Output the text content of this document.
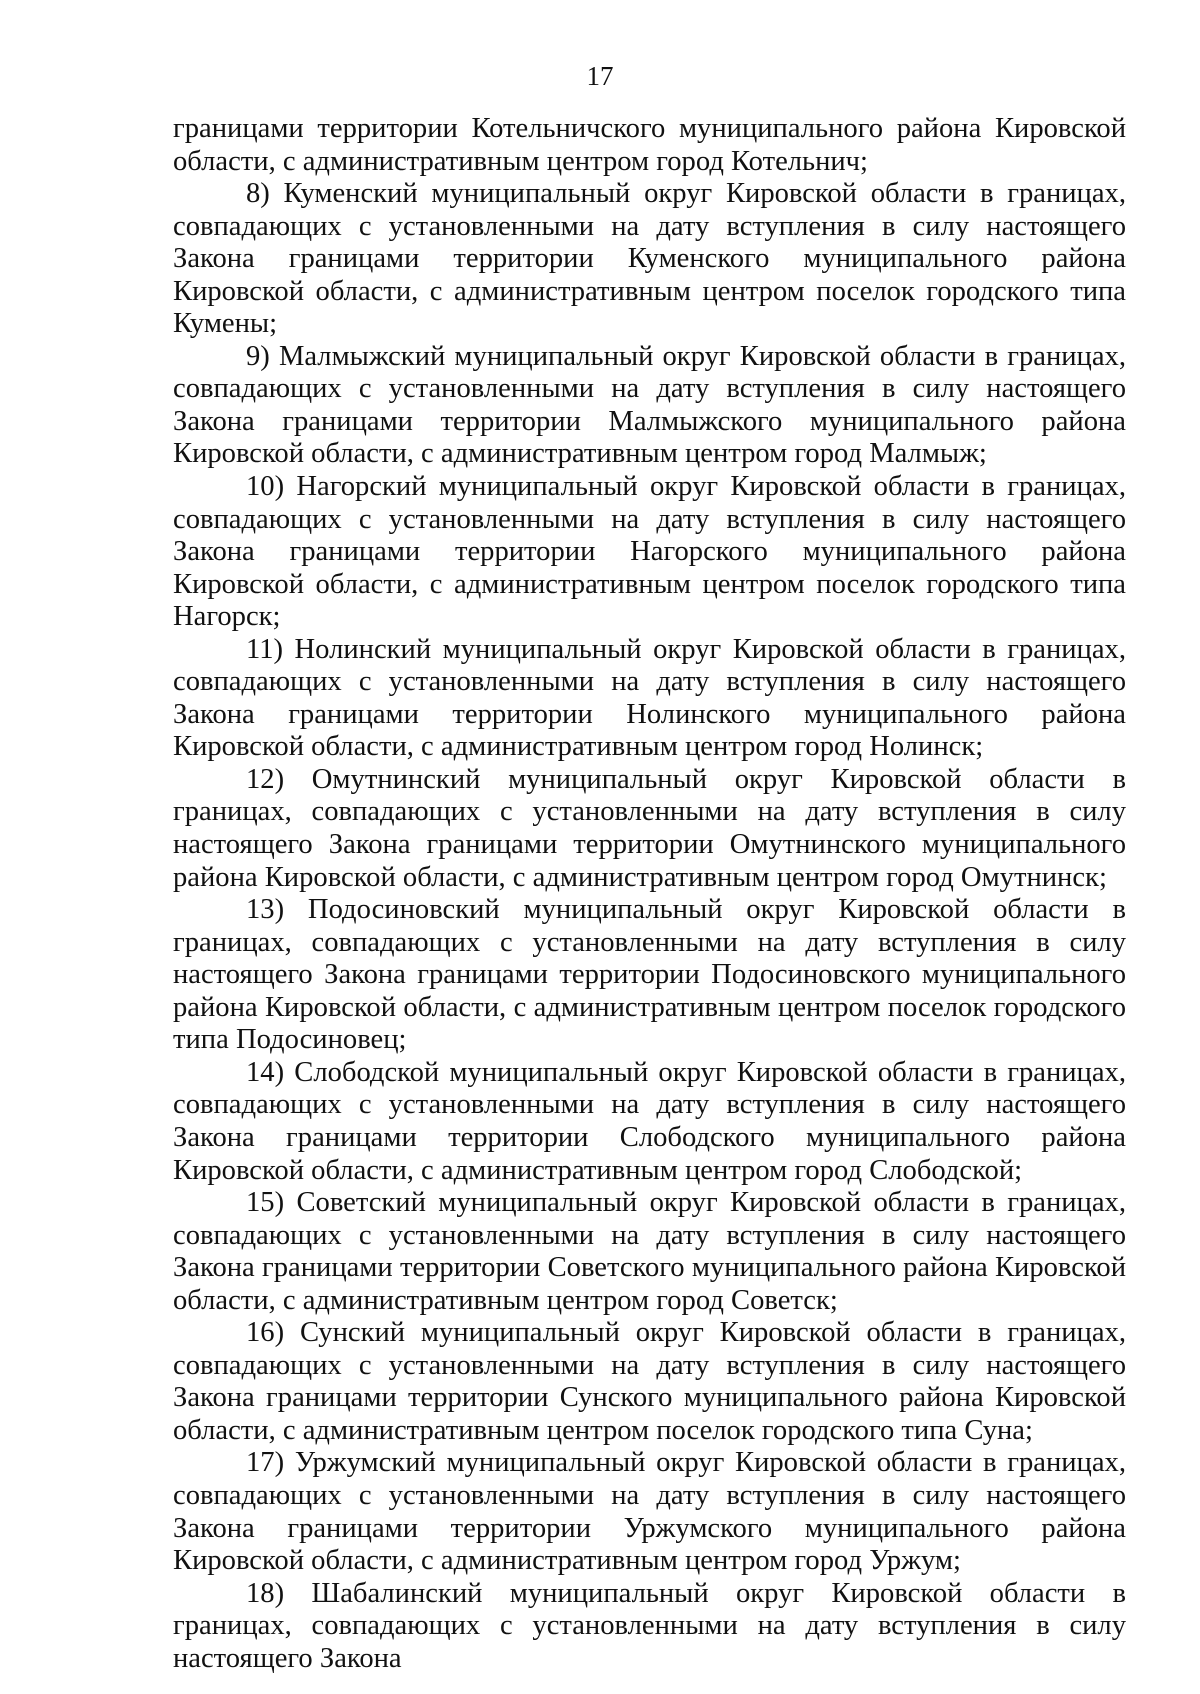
17

границами территории Котельничского муниципального района Кировской области, с административным центром город Котельнич;

8) Куменский муниципальный округ Кировской области в границах, совпадающих с установленными на дату вступления в силу настоящего Закона границами территории Куменского муниципального района Кировской области, с административным центром поселок городского типа Кумены;

9) Малмыжский муниципальный округ Кировской области в границах, совпадающих с установленными на дату вступления в силу настоящего Закона границами территории Малмыжского муниципального района Кировской области, с административным центром город Малмыж;

10) Нагорский муниципальный округ Кировской области в границах, совпадающих с установленными на дату вступления в силу настоящего Закона границами территории Нагорского муниципального района Кировской области, с административным центром поселок городского типа Нагорск;

11) Нолинский муниципальный округ Кировской области в границах, совпадающих с установленными на дату вступления в силу настоящего Закона границами территории Нолинского муниципального района Кировской области, с административным центром город Нолинск;

12) Омутнинский муниципальный округ Кировской области в границах, совпадающих с установленными на дату вступления в силу настоящего Закона границами территории Омутнинского муниципального района Кировской области, с административным центром город Омутнинск;

13) Подосиновский муниципальный округ Кировской области в границах, совпадающих с установленными на дату вступления в силу настоящего Закона границами территории Подосиновского муниципального района Кировской области, с административным центром поселок городского типа Подосиновец;

14) Слободской муниципальный округ Кировской области в границах, совпадающих с установленными на дату вступления в силу настоящего Закона границами территории Слободского муниципального района Кировской области, с административным центром город Слободской;

15) Советский муниципальный округ Кировской области в границах, совпадающих с установленными на дату вступления в силу настоящего Закона границами территории Советского муниципального района Кировской области, с административным центром город Советск;

16) Сунский муниципальный округ Кировской области в границах, совпадающих с установленными на дату вступления в силу настоящего Закона границами территории Сунского муниципального района Кировской области, с административным центром поселок городского типа Суна;

17) Уржумский муниципальный округ Кировской области в границах, совпадающих с установленными на дату вступления в силу настоящего Закона границами территории Уржумского муниципального района Кировской области, с административным центром город Уржум;

18) Шабалинский муниципальный округ Кировской области в границах, совпадающих с установленными на дату вступления в силу настоящего Закона
